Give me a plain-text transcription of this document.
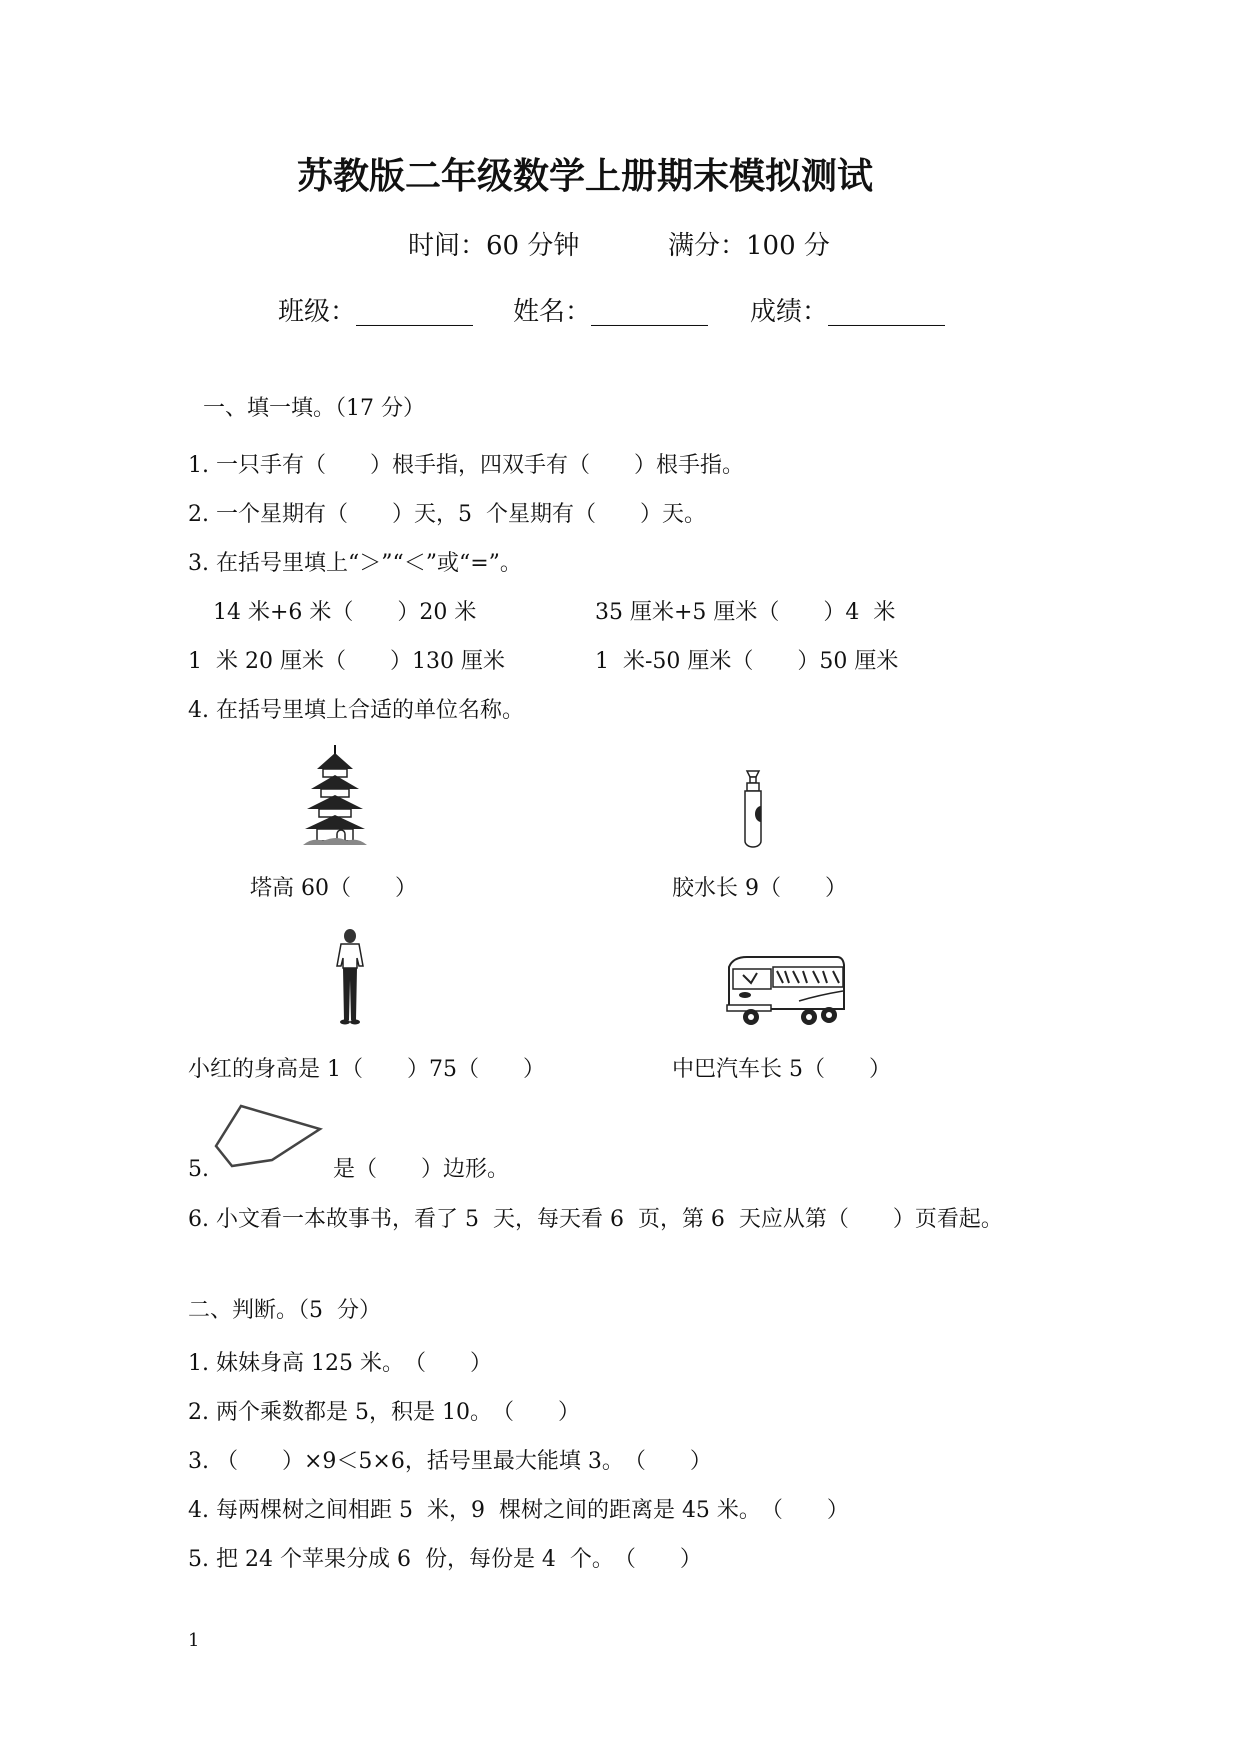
苏教版二年级数学上册期末模拟测试
时间：60 分钟	满分：100 分
班级：_________ 姓名：_________ 成绩：_________
一、填一填。（17 分）
1. 一只手有（　　）根手指，四双手有（　　）根手指。
2. 一个星期有（　　）天，5  个星期有（　　）天。
3. 在括号里填上“＞”“＜”或“=”。
14 米+6 米（　　）20 米	35 厘米+5 厘米（　　）4  米
1  米 20 厘米（　　）130 厘米	1  米-50 厘米（　　）50 厘米
4. 在括号里填上合适的单位名称。
塔高 60（　　）	胶水长 9（　　）
小红的身高是 1（　　）75（　　）	中巴汽车长 5（　　）
5.	是（　　）边形。
6. 小文看一本故事书，看了 5  天，每天看 6  页，第 6  天应从第（　　）页看起。
二、判断。（5  分）
1. 妹妹身高 125 米。　（　　）
2. 两个乘数都是 5，积是 10。　（　　）
3. （　　）×9＜5×6，括号里最大能填 3。　（　　）
4. 每两棵树之间相距 5  米，9  棵树之间的距离是 45 米。　（　　）
5. 把 24 个苹果分成 6  份，每份是 4  个。　（　　）
1
